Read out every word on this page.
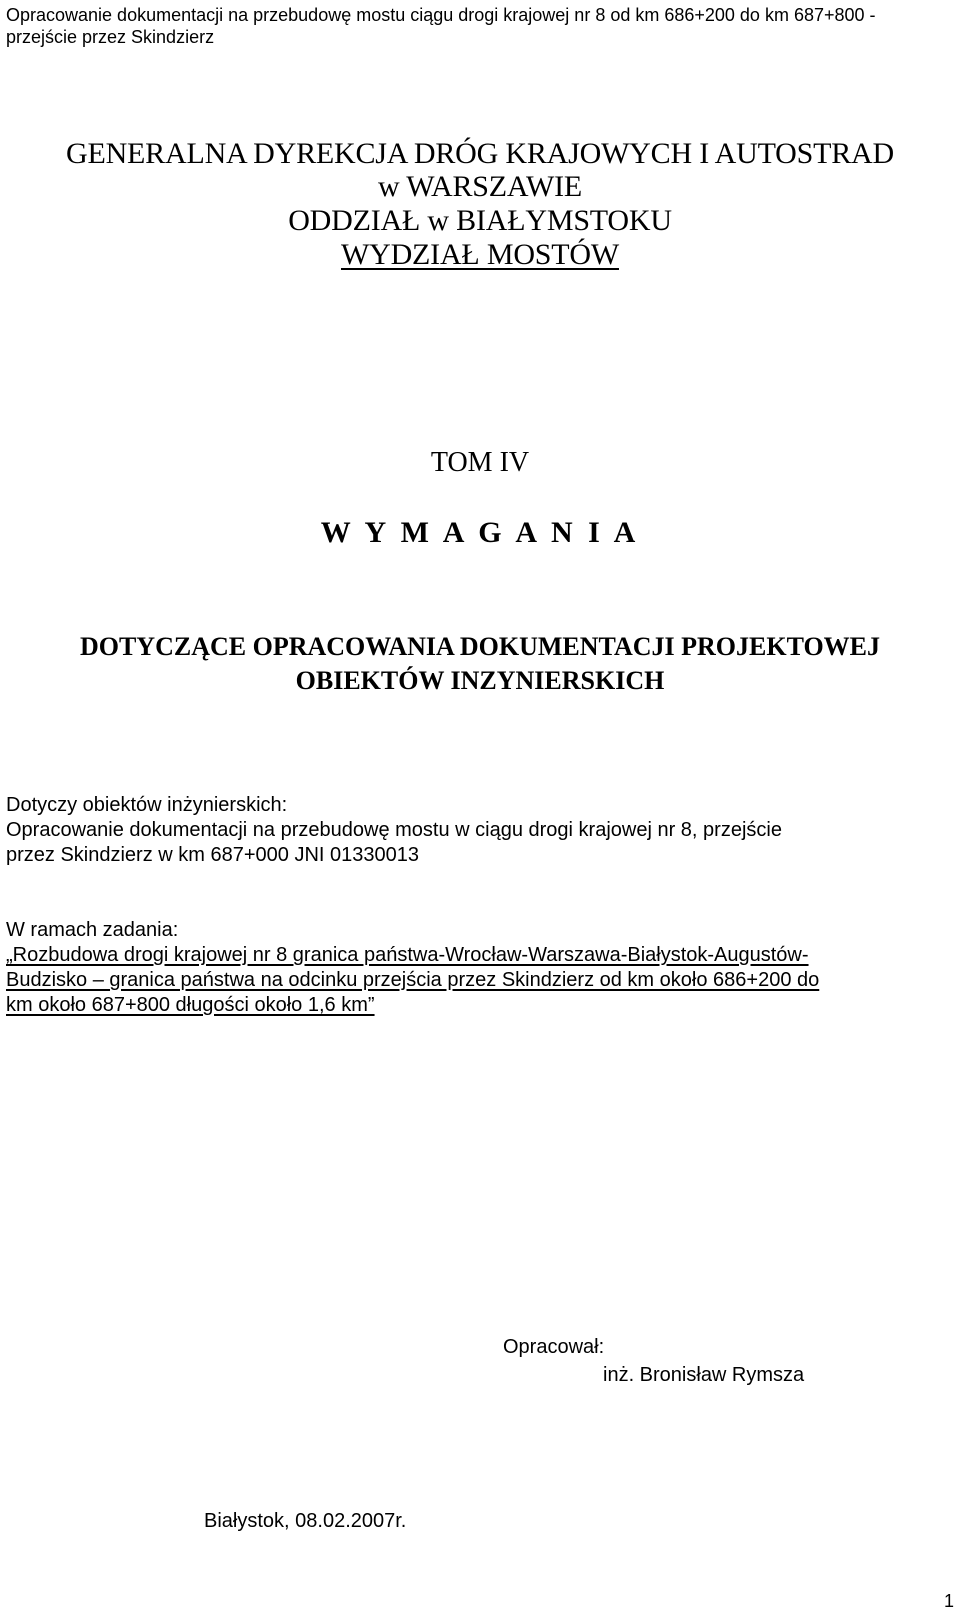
Opracowanie dokumentacji na przebudowę mostu ciągu drogi krajowej nr 8 od km 686+200 do km 687+800 -
przejście przez Skindzierz
GENERALNA DYREKCJA DRÓG KRAJOWYCH I AUTOSTRAD
w WARSZAWIE
ODDZIAŁ w BIAŁYMSTOKU
WYDZIAŁ MOSTÓW
TOM IV
W Y M A G A N I A
DOTYCZĄCE OPRACOWANIA DOKUMENTACJI PROJEKTOWEJ
OBIEKTÓW INZYNIERSKICH
Dotyczy obiektów inżynierskich:
Opracowanie dokumentacji na przebudowę mostu w ciągu drogi krajowej nr 8, przejście
przez Skindzierz w km 687+000 JNI 01330013
W ramach zadania:
„Rozbudowa drogi krajowej nr 8 granica państwa-Wrocław-Warszawa-Białystok-Augustów-
Budzisko – granica państwa na odcinku przejścia przez Skindzierz od km około 686+200 do
km około 687+800 długości około 1,6 km”
Opracował:
inż. Bronisław Rymsza
Białystok, 08.02.2007r.
1
